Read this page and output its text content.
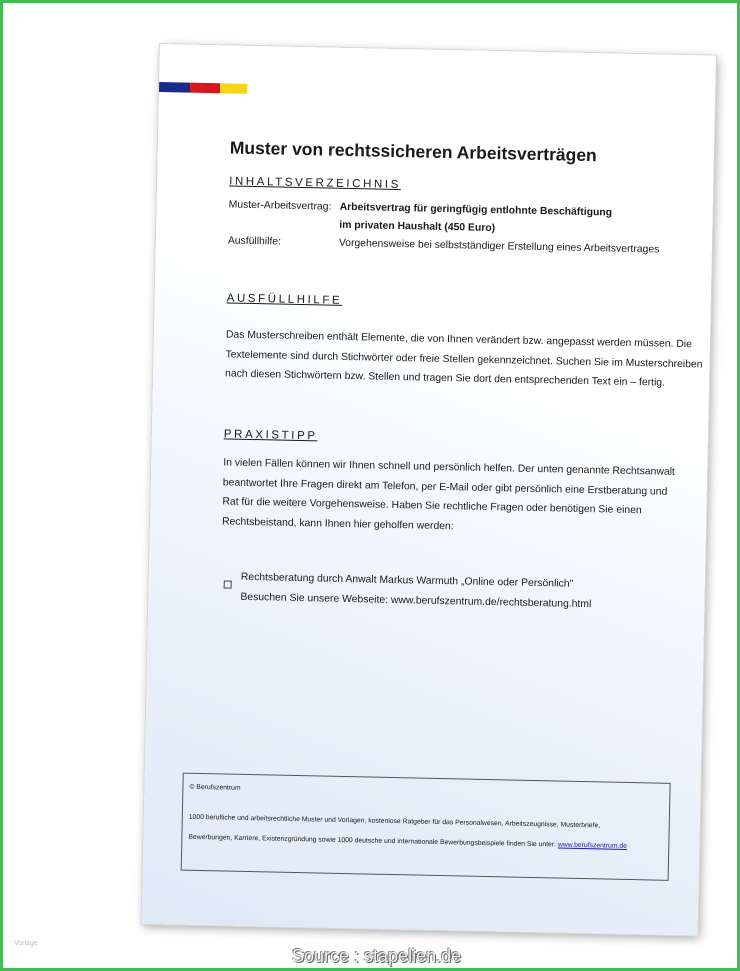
Muster von rechtssicheren Arbeitsverträgen
INHALTSVERZEICHNIS
Muster-Arbeitsvertrag: Arbeitsvertrag für geringfügig entlohnte Beschäftigung
im privaten Haushalt (450 Euro)
Ausfüllhilfe:	Vorgehensweise bei selbstständiger Erstellung eines Arbeitsvertrages
AUSFÜLLHILFE
Das Musterschreiben enthält Elemente, die von Ihnen verändert bzw. angepasst werden müssen. Die
Textelemente sind durch Stichwörter oder freie Stellen gekennzeichnet. Suchen Sie im Musterschreiben
nach diesen Stichwörtern bzw. Stellen und tragen Sie dort den entsprechenden Text ein – fertig.
PRAXISTIPP
In vielen Fällen können wir Ihnen schnell und persönlich helfen. Der unten genannte Rechtsanwalt
beantwortet Ihre Fragen direkt am Telefon, per E-Mail oder gibt persönlich eine Erstberatung und
Rat für die weitere Vorgehensweise. Haben Sie rechtliche Fragen oder benötigen Sie einen
Rechtsbeistand, kann Ihnen hier geholfen werden:
Rechtsberatung durch Anwalt Markus Warmuth „Online oder Persönlich"
Besuchen Sie unsere Webseite: www.berufszentrum.de/rechtsberatung.html
© Berufszentrum
1000 berufliche und arbeitsrechtliche Muster und Vorlagen, kostenlose Ratgeber für das Personalwesen, Arbeitszeugnisse, Musterbriefe,
Bewerbungen, Karriere, Existenzgründung sowie 1000 deutsche und internationale Bewerbungsbeispiele finden Sie unter: www.berufszentrum.de
Vorlage
Source : stapelien.de
